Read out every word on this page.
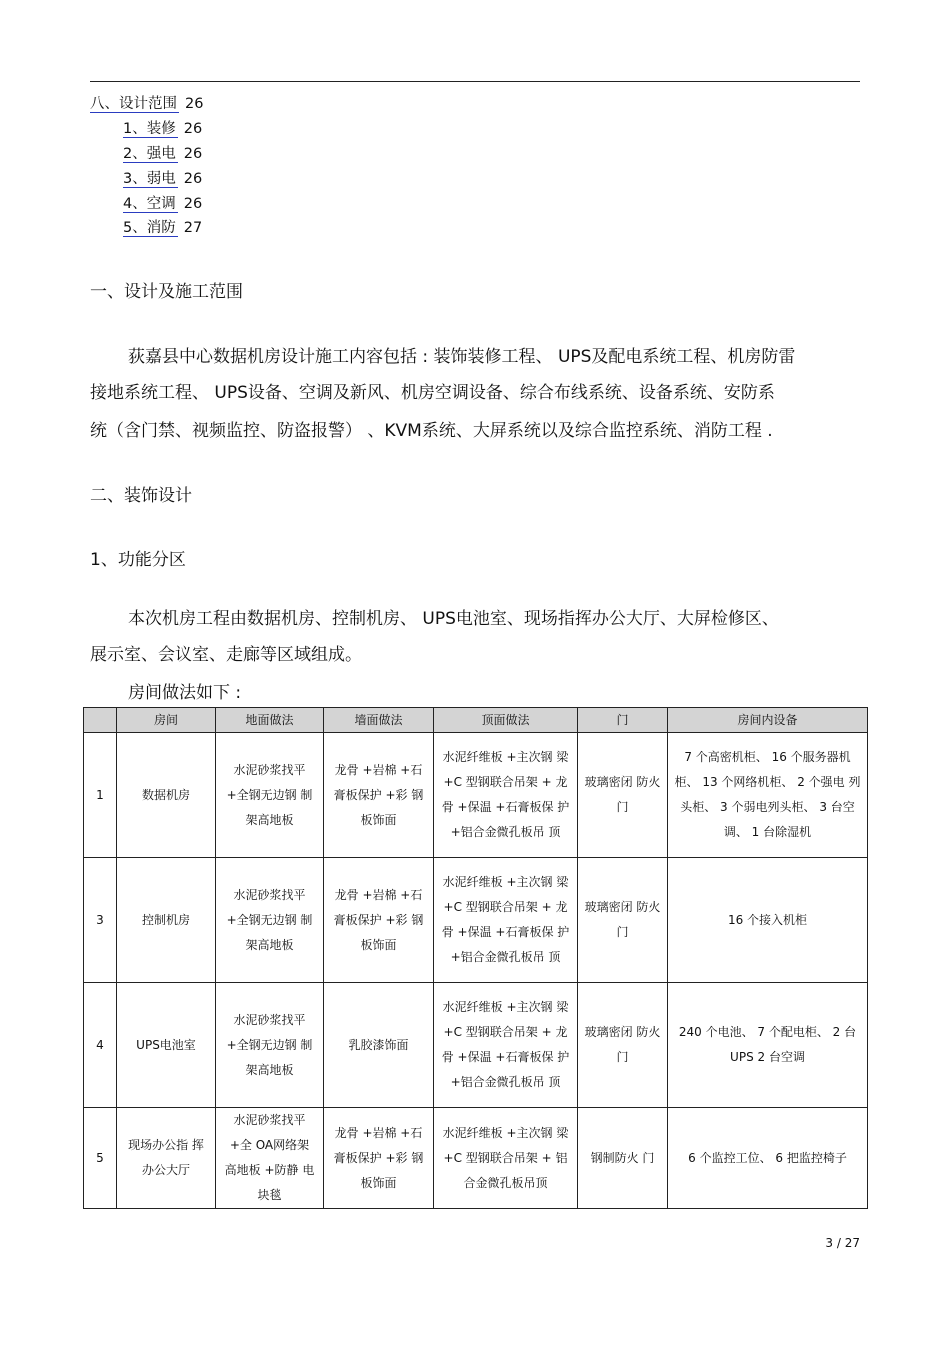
八、设计范围 26
1、装修 26
2、强电 26
3、弱电 26
4、空调 26
5、消防 27
一、设计及施工范围
荻嘉县中心数据机房设计施工内容包括 : 装饰装修工程、 UPS及配电系统工程、机房防雷
接地系统工程、 UPS设备、空调及新风、机房空调设备、综合布线系统、设备系统、安防系
统（含门禁、视频监控、防盗报警） 、KVM系统、大屏系统以及综合监控系统、消防工程 .
二、装饰设计
1、功能分区
本次机房工程由数据机房、控制机房、 UPS电池室、现场指挥办公大厅、大屏检修区、
展示室、会议室、走廊等区域组成。
房间做法如下 :
	房间	地面做法	墙面做法	顶面做法	门	房间内设备
1	数据机房	水泥砂浆找平 +全钢无边钢 制架高地板	龙骨 +岩棉 +石 膏板保护 +彩 钢板饰面	水泥纤维板 +主次钢 梁+C 型钢联合吊架 + 龙骨 +保温 +石膏板保 护+铝合金微孔板吊 顶	玻璃密闭 防火门	7 个高密机柜、 16 个服务器机 柜、 13 个网络机柜、 2 个强电 列头柜、 3 个弱电列头柜、 3 台空调、 1 台除湿机
3	控制机房	水泥砂浆找平 +全钢无边钢 制架高地板	龙骨 +岩棉 +石 膏板保护 +彩 钢板饰面	水泥纤维板 +主次钢 梁+C 型钢联合吊架 + 龙骨 +保温 +石膏板保 护+铝合金微孔板吊 顶	玻璃密闭 防火门	16 个接入机柜
4	UPS电池室	水泥砂浆找平 +全钢无边钢 制架高地板	乳胶漆饰面	水泥纤维板 +主次钢 梁+C 型钢联合吊架 + 龙骨 +保温 +石膏板保 护+铝合金微孔板吊 顶	玻璃密闭 防火门	240 个电池、 7 个配电柜、 2 台 UPS 2 台空调
5	现场办公指 挥办公大厅	水泥砂浆找平 +全 OA网络架 高地板 +防静 电块毯	龙骨 +岩棉 +石 膏板保护 +彩 钢板饰面	水泥纤维板 +主次钢 梁+C 型钢联合吊架 + 铝合金微孔板吊顶	钢制防火 门	6 个监控工位、 6 把监控椅子
3 / 27
